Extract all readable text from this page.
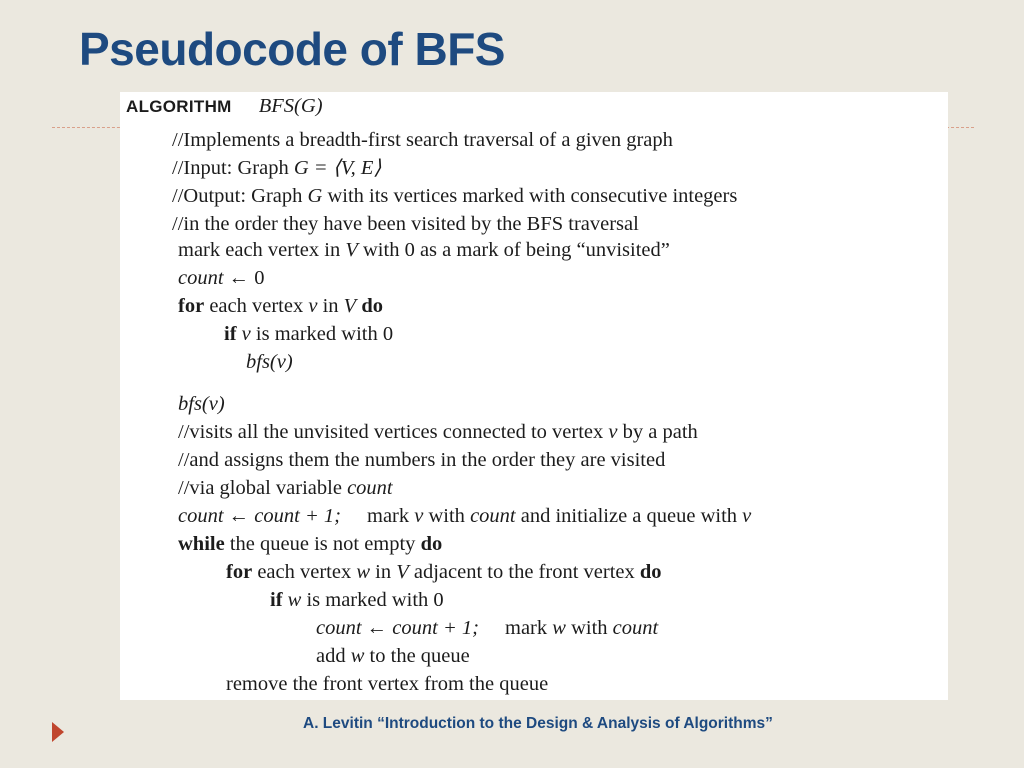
Pseudocode of BFS
ALGORITHM BFS(G)
//Implements a breadth-first search traversal of a given graph
//Input: Graph G = ⟨V, E⟩
//Output: Graph G with its vertices marked with consecutive integers
//in the order they have been visited by the BFS traversal
mark each vertex in V with 0 as a mark of being “unvisited”
count ← 0
for each vertex v in V do
if v is marked with 0
bfs(v)
bfs(v)
//visits all the unvisited vertices connected to vertex v by a path
//and assigns them the numbers in the order they are visited
//via global variable count
count ← count + 1; mark v with count and initialize a queue with v
while the queue is not empty do
for each vertex w in V adjacent to the front vertex do
if w is marked with 0
count ← count + 1; mark w with count
add w to the queue
remove the front vertex from the queue
A. Levitin “Introduction to the Design & Analysis of Algorithms”
